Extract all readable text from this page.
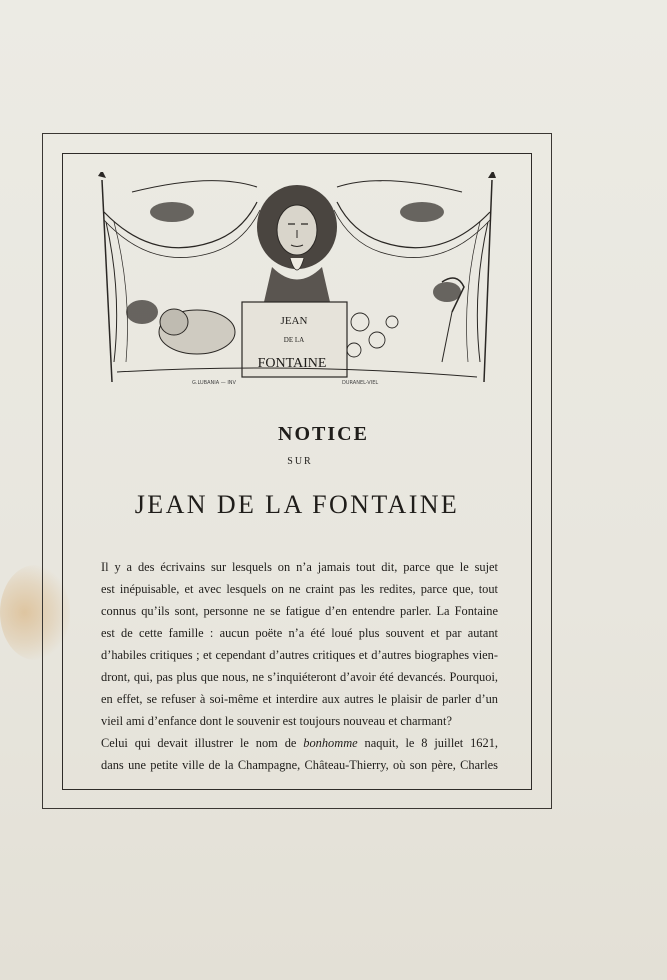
JEAN
DE LA
FONTAINE
G.LUBANIA — INV	DURANEL-VIEL
NOTICE
SUR
JEAN DE LA FONTAINE

Il y a des écrivains sur lesquels on n’a jamais tout dit, parce que le sujet
est inépuisable, et avec lesquels on ne craint pas les redites, parce que, tout
connus qu’ils sont, personne ne se fatigue d’en entendre parler. La Fontaine
est de cette famille : aucun poëte n’a été loué plus souvent et par autant
d’habiles critiques ; et cependant d’autres critiques et d’autres biographes vien-
dront, qui, pas plus que nous, ne s’inquiéteront d’avoir été devancés. Pourquoi,
en effet, se refuser à soi-même et interdire aux autres le plaisir de parler d’un
vieil ami d’enfance dont le souvenir est toujours nouveau et charmant?

Celui qui devait illustrer le nom de bonhomme naquit, le 8 juillet 1621,
dans une petite ville de la Champagne, Château-Thierry, où son père, Charles
